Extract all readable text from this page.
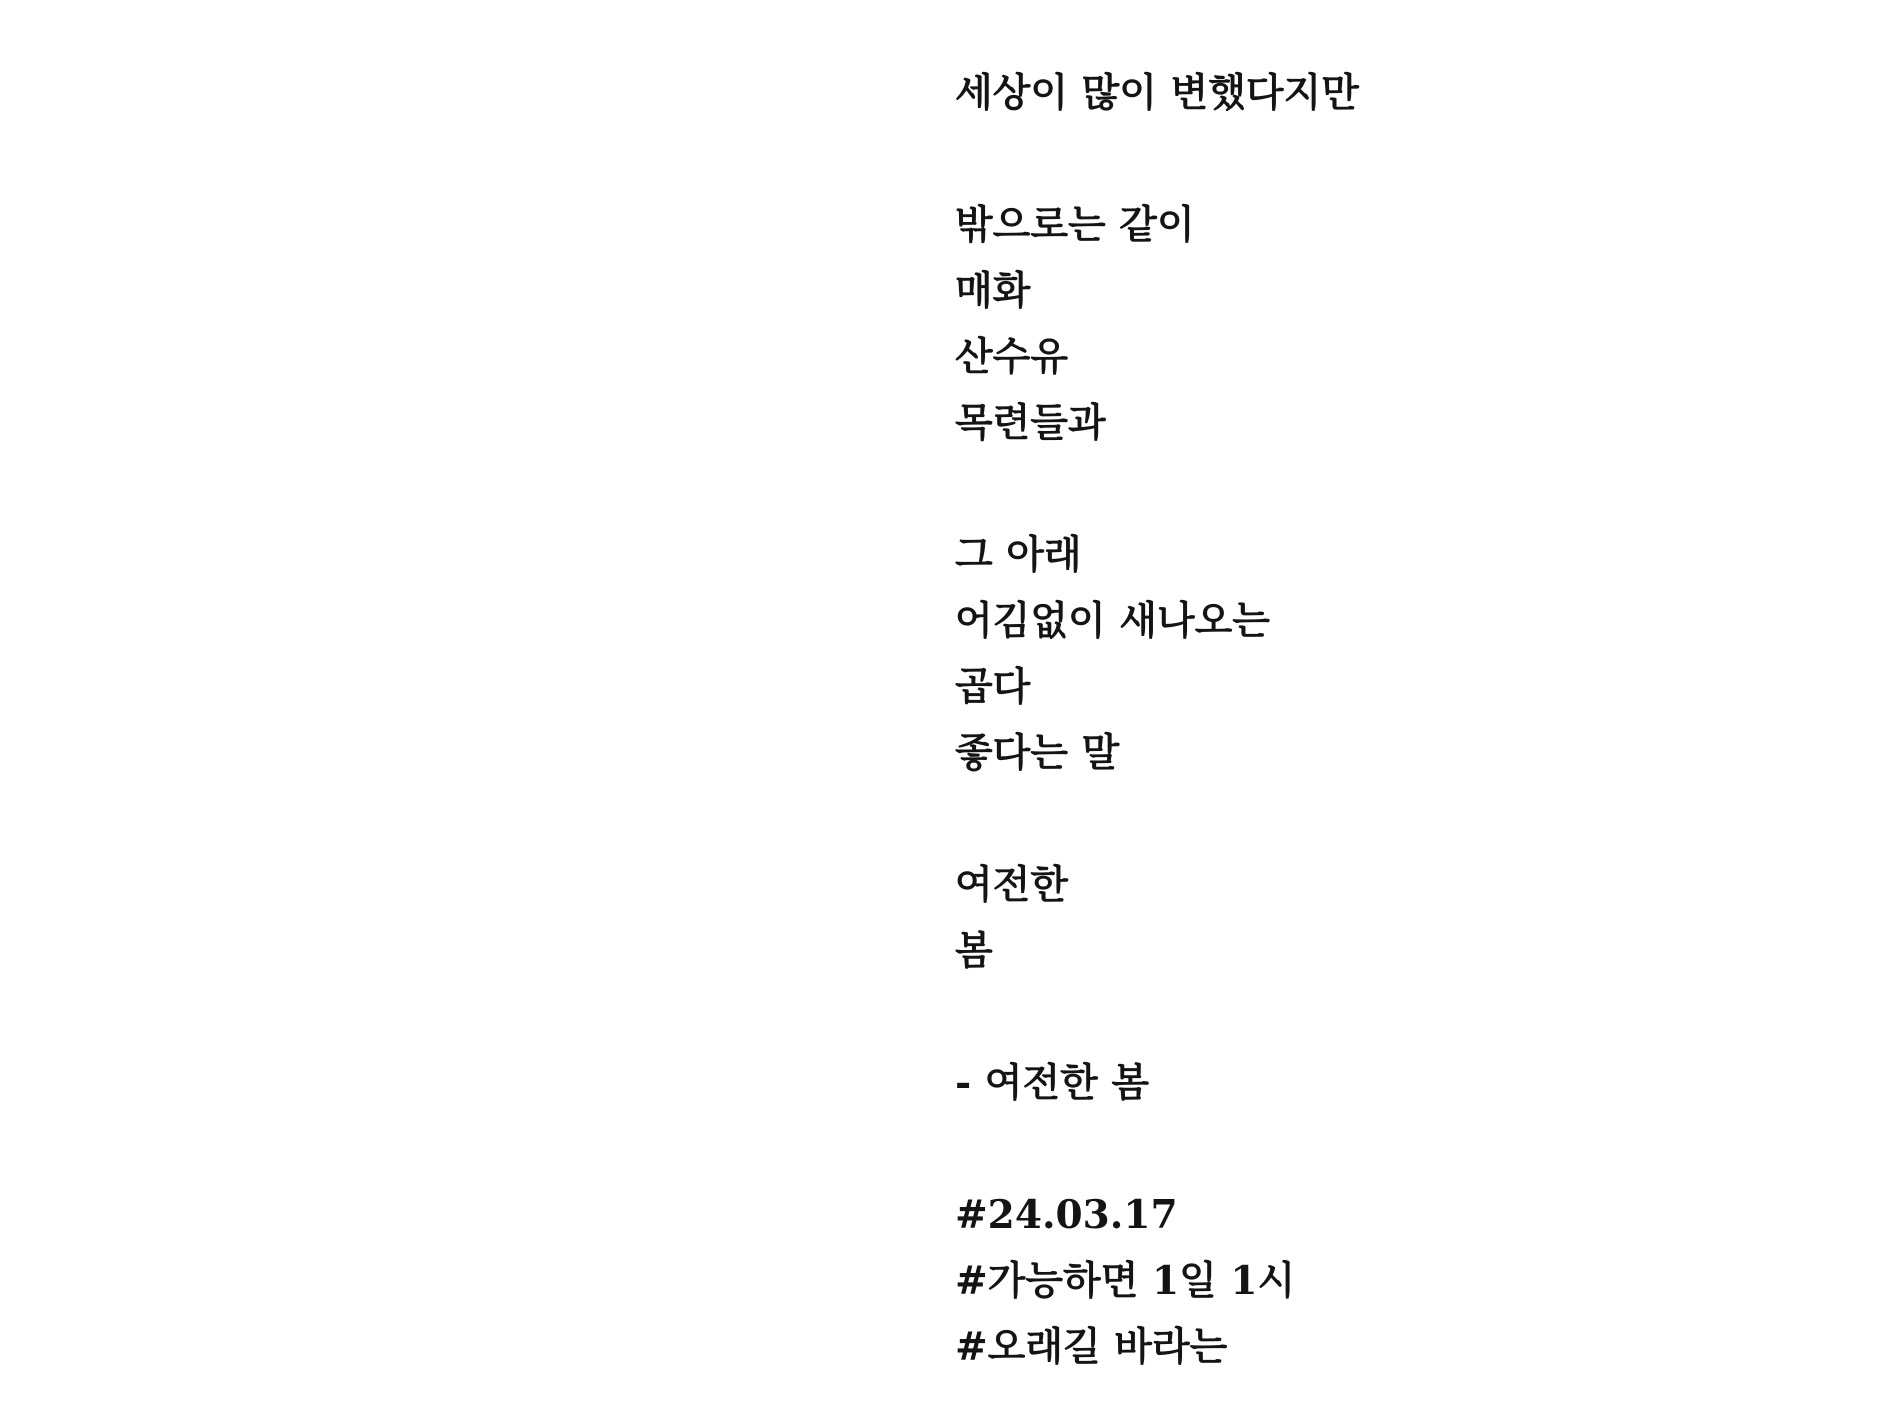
세상이 많이 변했다지만
밖으로는 같이
매화
산수유
목련들과
그 아래
어김없이 새나오는
곱다
좋다는 말
여전한
봄
- 여전한 봄
#24.03.17
#가능하면 1일 1시
#오래길 바라는
